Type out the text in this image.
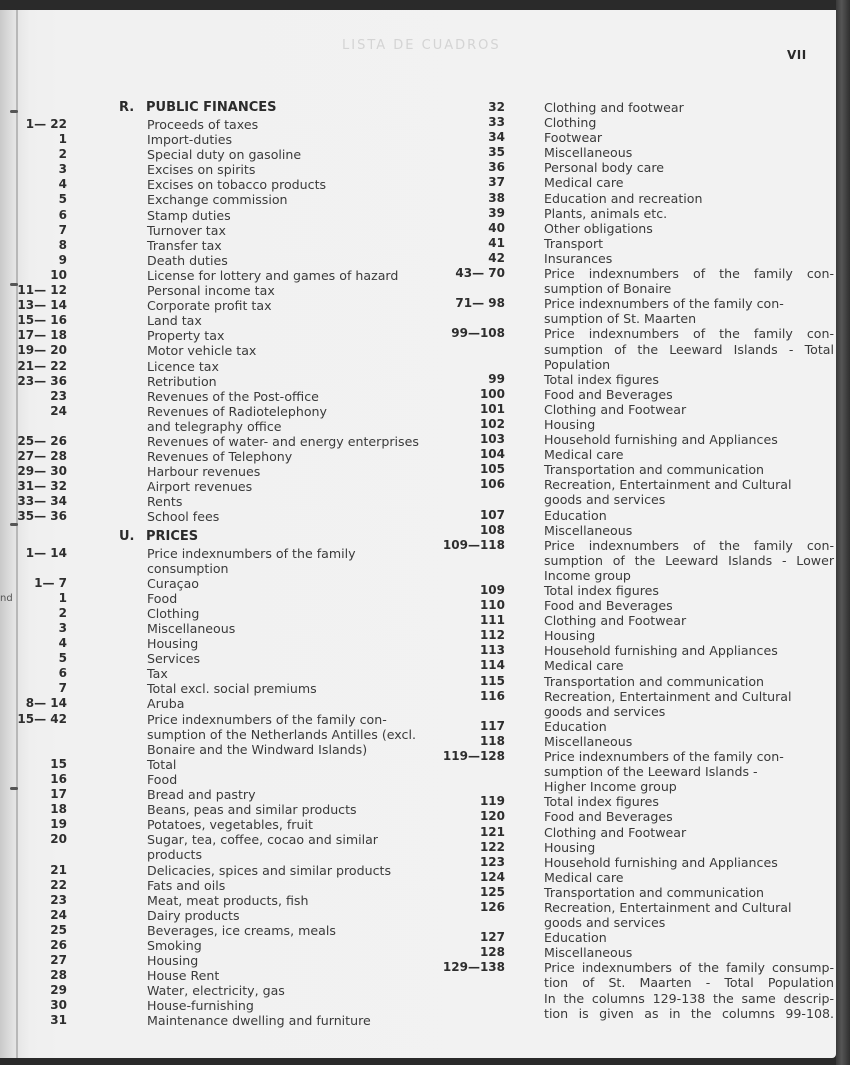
LISTA DE CUADROS
VII
nd
R. PUBLIC FINANCES
1— 22	Proceeds of taxes
1	Import-duties
2	Special duty on gasoline
3	Excises on spirits
4	Excises on tobacco products
5	Exchange commission
6	Stamp duties
7	Turnover tax
8	Transfer tax
9	Death duties
10	License for lottery and games of hazard
11— 12	Personal income tax
13— 14	Corporate profit tax
15— 16	Land tax
17— 18	Property tax
19— 20	Motor vehicle tax
21— 22	Licence tax
23— 36	Retribution
23	Revenues of the Post-office
24	Revenues of Radiotelephony
and telegraphy office
25— 26	Revenues of water- and energy enterprises
27— 28	Revenues of Telephony
29— 30	Harbour revenues
31— 32	Airport revenues
33— 34	Rents
35— 36	School fees
U. PRICES
1— 14	Price indexnumbers of the family
consumption
1— 7	Curaçao
1	Food
2	Clothing
3	Miscellaneous
4	Housing
5	Services
6	Tax
7	Total excl. social premiums
8— 14	Aruba
15— 42	Price indexnumbers of the family con-
sumption of the Netherlands Antilles (excl.
Bonaire and the Windward Islands)
15	Total
16	Food
17	Bread and pastry
18	Beans, peas and similar products
19	Potatoes, vegetables, fruit
20	Sugar, tea, coffee, cocao and similar
products
21	Delicacies, spices and similar products
22	Fats and oils
23	Meat, meat products, fish
24	Dairy products
25	Beverages, ice creams, meals
26	Smoking
27	Housing
28	House Rent
29	Water, electricity, gas
30	House-furnishing
31	Maintenance dwelling and furniture
32	Clothing and footwear
33	Clothing
34	Footwear
35	Miscellaneous
36	Personal body care
37	Medical care
38	Education and recreation
39	Plants, animals etc.
40	Other obligations
41	Transport
42	Insurances
43— 70	Price indexnumbers of the family con-
sumption of Bonaire
71— 98	Price indexnumbers of the family con-
sumption of St. Maarten
99—108	Price indexnumbers of the family con-
sumption of the Leeward Islands - Total
Population
99	Total index figures
100	Food and Beverages
101	Clothing and Footwear
102	Housing
103	Household furnishing and Appliances
104	Medical care
105	Transportation and communication
106	Recreation, Entertainment and Cultural
goods and services
107	Education
108	Miscellaneous
109—118	Price indexnumbers of the family con-
sumption of the Leeward Islands - Lower
Income group
109	Total index figures
110	Food and Beverages
111	Clothing and Footwear
112	Housing
113	Household furnishing and Appliances
114	Medical care
115	Transportation and communication
116	Recreation, Entertainment and Cultural
goods and services
117	Education
118	Miscellaneous
119—128	Price indexnumbers of the family con-
sumption of the Leeward Islands -
Higher Income group
119	Total index figures
120	Food and Beverages
121	Clothing and Footwear
122	Housing
123	Household furnishing and Appliances
124	Medical care
125	Transportation and communication
126	Recreation, Entertainment and Cultural
goods and services
127	Education
128	Miscellaneous
129—138	Price indexnumbers of the family consump-
tion of St. Maarten - Total Population
In the columns 129-138 the same descrip-
tion is given as in the columns 99-108.
